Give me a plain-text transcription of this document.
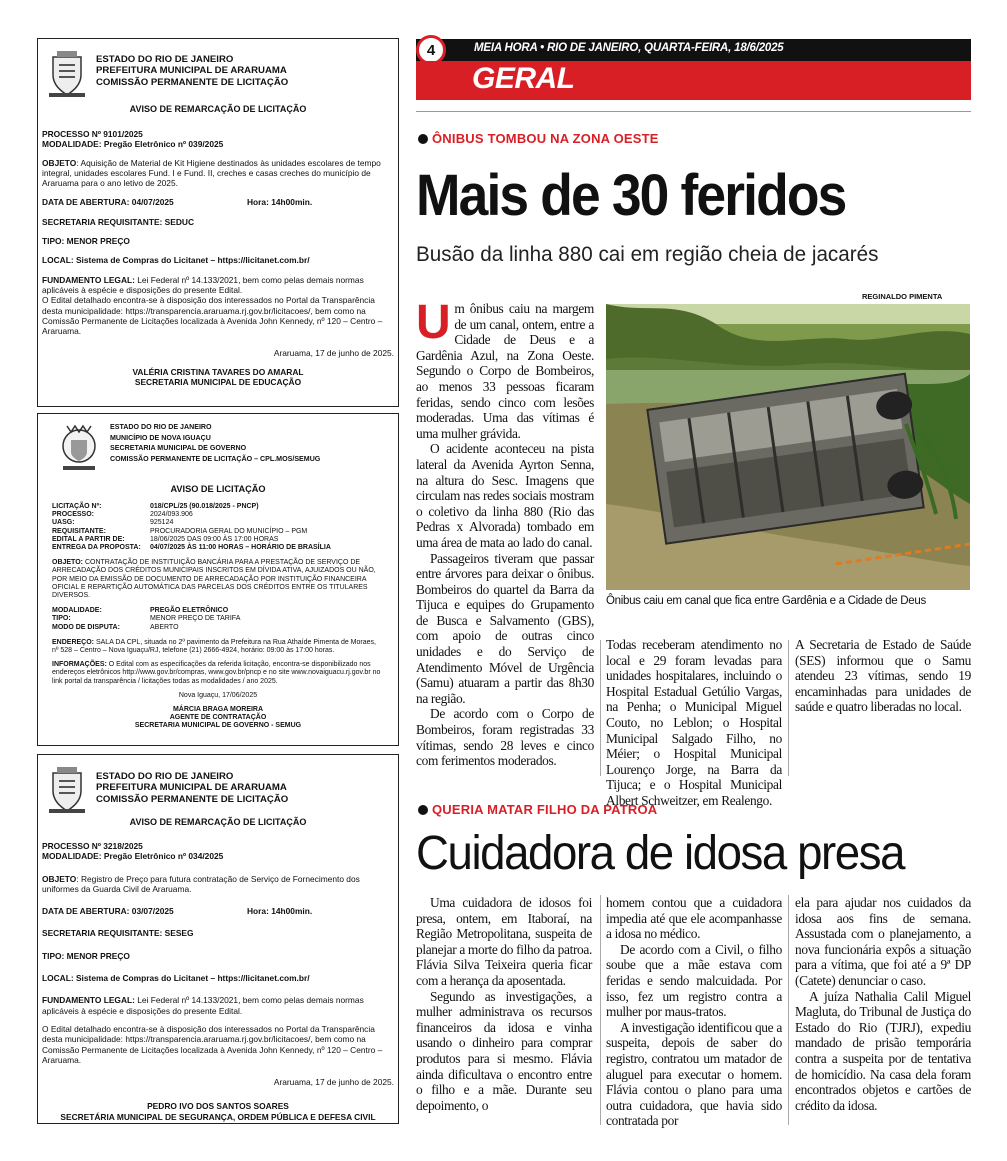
ESTADO DO RIO DE JANEIRO
PREFEITURA MUNICIPAL DE ARARUAMA
COMISSÃO PERMANENTE DE LICITAÇÃO
AVISO DE REMARCAÇÃO DE LICITAÇÃO
PROCESSO Nº 9101/2025
MODALIDADE: Pregão Eletrônico nº 039/2025
OBJETO: Aquisição de Material de Kit Higiene destinados às unidades escolares de tempo integral, unidades escolares Fund. I e Fund. II, creches e casas creches do município de Araruama para o ano letivo de 2025.
DATA DE ABERTURA: 04/07/2025	Hora: 14h00min.
SECRETARIA REQUISITANTE: SEDUC
TIPO: MENOR PREÇO
LOCAL: Sistema de Compras do Licitanet – https://licitanet.com.br/
FUNDAMENTO LEGAL: Lei Federal nº 14.133/2021, bem como pelas demais normas aplicáveis à espécie e disposições do presente Edital.
O Edital detalhado encontra-se à disposição dos interessados no Portal da Transparência desta municipalidade: https://transparencia.araruama.rj.gov.br/licitacoes/, bem como na Comissão Permanente de Licitações localizada à Avenida John Kennedy, nº 120 – Centro – Araruama.
Araruama, 17 de junho de 2025.
VALÉRIA CRISTINA TAVARES DO AMARAL
SECRETARIA MUNICIPAL DE EDUCAÇÃO
ESTADO DO RIO DE JANEIRO
MUNICÍPIO DE NOVA IGUAÇU
SECRETARIA MUNICIPAL DE GOVERNO
COMISSÃO PERMANENTE DE LICITAÇÃO – CPL.MOS/SEMUG
AVISO DE LICITAÇÃO
LICITAÇÃO Nº:	018/CPL/25 (90.018/2025 - PNCP)
PROCESSO:	2024/093.906
UASG:	925124
REQUISITANTE:	PROCURADORIA GERAL DO MUNICÍPIO – PGM
EDITAL A PARTIR DE:	18/06/2025 DAS 09:00 ÀS 17:00 HORAS
ENTREGA DA PROPOSTA:	04/07/2025 ÀS 11:00 HORAS – HORÁRIO DE BRASÍLIA
OBJETO: CONTRATAÇÃO DE INSTITUIÇÃO BANCÁRIA PARA A PRESTAÇÃO DE SERVIÇO DE ARRECADAÇÃO DOS CRÉDITOS MUNICIPAIS INSCRITOS EM DÍVIDA ATIVA, AJUIZADOS OU NÃO, POR MEIO DA EMISSÃO DE DOCUMENTO DE ARRECADAÇÃO POR INSTITUIÇÃO FINANCEIRA OFICIAL E REPARTIÇÃO AUTOMÁTICA DAS PARCELAS DOS CRÉDITOS ENTRE OS TITULARES DIVERSOS.
MODALIDADE:	PREGÃO ELETRÔNICO
TIPO:	MENOR PREÇO DE TARIFA
MODO DE DISPUTA:	ABERTO
ENDEREÇO: SALA DA CPL, situada no 2º pavimento da Prefeitura na Rua Athaíde Pimenta de Moraes, nº 528 – Centro – Nova Iguaçu/RJ, telefone (21) 2666-4924, horário: 09:00 às 17:00 horas.
INFORMAÇÕES: O Edital com as especificações da referida licitação, encontra-se disponibilizado nos endereços eletrônicos http://www.gov.br/compras, www.gov.br/pncp e no site www.novaiguacu.rj.gov.br no link portal da transparência / licitações todas as modalidades / ano 2025.
Nova Iguaçu, 17/06/2025
MÁRCIA BRAGA MOREIRA
AGENTE DE CONTRATAÇÃO
SECRETARIA MUNICIPAL DE GOVERNO - SEMUG
ESTADO DO RIO DE JANEIRO
PREFEITURA MUNICIPAL DE ARARUAMA
COMISSÃO PERMANENTE DE LICITAÇÃO
AVISO DE REMARCAÇÃO DE LICITAÇÃO
PROCESSO Nº 3218/2025
MODALIDADE: Pregão Eletrônico nº 034/2025
OBJETO: Registro de Preço para futura contratação de Serviço de Fornecimento dos uniformes da Guarda Civil de Araruama.
DATA DE ABERTURA: 03/07/2025	Hora: 14h00min.
SECRETARIA REQUISITANTE: SESEG
TIPO: MENOR PREÇO
LOCAL: Sistema de Compras do Licitanet – https://licitanet.com.br/
FUNDAMENTO LEGAL: Lei Federal nº 14.133/2021, bem como pelas demais normas aplicáveis à espécie e disposições do presente Edital.
O Edital detalhado encontra-se à disposição dos interessados no Portal da Transparência desta municipalidade: https://transparencia.araruama.rj.gov.br/licitacoes/, bem como na Comissão Permanente de Licitações localizada à Avenida John Kennedy, nº 120 – Centro – Araruama.
Araruama, 17 de junho de 2025.
PEDRO IVO DOS SANTOS SOARES
SECRETÁRIA MUNICIPAL DE SEGURANÇA, ORDEM PÚBLICA E DEFESA CIVIL
4	MEIA HORA • RIO DE JANEIRO, QUARTA-FEIRA, 18/6/2025
GERAL
ÔNIBUS TOMBOU NA ZONA OESTE
Mais de 30 feridos
Busão da linha 880 cai em região cheia de jacarés
REGINALDO PIMENTA
Ônibus caiu em canal que fica entre Gardênia e a Cidade de Deus

Um ônibus caiu na margem de um canal, ontem, entre a Cidade de Deus e a Gardênia Azul, na Zona Oeste. Segundo o Corpo de Bombeiros, ao menos 33 pessoas ficaram feridas, sendo cinco com lesões moderadas. Uma das vítimas é uma mulher grávida.

O acidente aconteceu na pista lateral da Avenida Ayrton Senna, na altura do Sesc. Imagens que circulam nas redes sociais mostram o coletivo da linha 880 (Rio das Pedras x Alvorada) tombado em uma área de mata ao lado do canal.

Passageiros tiveram que passar entre árvores para deixar o ônibus. Bombeiros do quartel da Barra da Tijuca e equipes do Grupamento de Busca e Salvamento (GBS), com apoio de outras cinco unidades e do Serviço de Atendimento Móvel de Urgência (Samu) atuaram a partir das 8h30 na região.

De acordo com o Corpo de Bombeiros, foram registradas 33 vítimas, sendo 28 leves e cinco com ferimentos moderados.

Todas receberam atendimento no local e 29 foram levadas para unidades hospitalares, incluindo o Hospital Estadual Getúlio Vargas, na Penha; o Municipal Miguel Couto, no Leblon; o Hospital Municipal Salgado Filho, no Méier; o Hospital Municipal Lourenço Jorge, na Barra da Tijuca; e o Hospital Municipal Albert Schweitzer, em Realengo.

A Secretaria de Estado de Saúde (SES) informou que o Samu atendeu 23 vítimas, sendo 19 encaminhadas para unidades de saúde e quatro liberadas no local.

QUERIA MATAR FILHO DA PATROA
Cuidadora de idosa presa

Uma cuidadora de idosos foi presa, ontem, em Itaboraí, na Região Metropolitana, suspeita de planejar a morte do filho da patroa. Flávia Silva Teixeira queria ficar com a herança da aposentada.

Segundo as investigações, a mulher administrava os recursos financeiros da idosa e vinha usando o dinheiro para comprar produtos para si mesmo. Flávia ainda dificultava o encontro entre o filho e a mãe. Durante seu depoimento, o

homem contou que a cuidadora impedia até que ele acompanhasse a idosa no médico.

De acordo com a Civil, o filho soube que a mãe estava com feridas e sendo malcuidada. Por isso, fez um registro contra a mulher por maus-tratos.

A investigação identificou que a suspeita, depois de saber do registro, contratou um matador de aluguel para executar o homem. Flávia contou o plano para uma outra cuidadora, que havia sido contratada por

ela para ajudar nos cuidados da idosa aos fins de semana. Assustada com o planejamento, a nova funcionária expôs a situação para a vítima, que foi até a 9ª DP (Catete) denunciar o caso.

A juíza Nathalia Calil Miguel Magluta, do Tribunal de Justiça do Estado do Rio (TJRJ), expediu mandado de prisão temporária contra a suspeita por de tentativa de homicídio. Na casa dela foram encontrados objetos e cartões de crédito da idosa.
